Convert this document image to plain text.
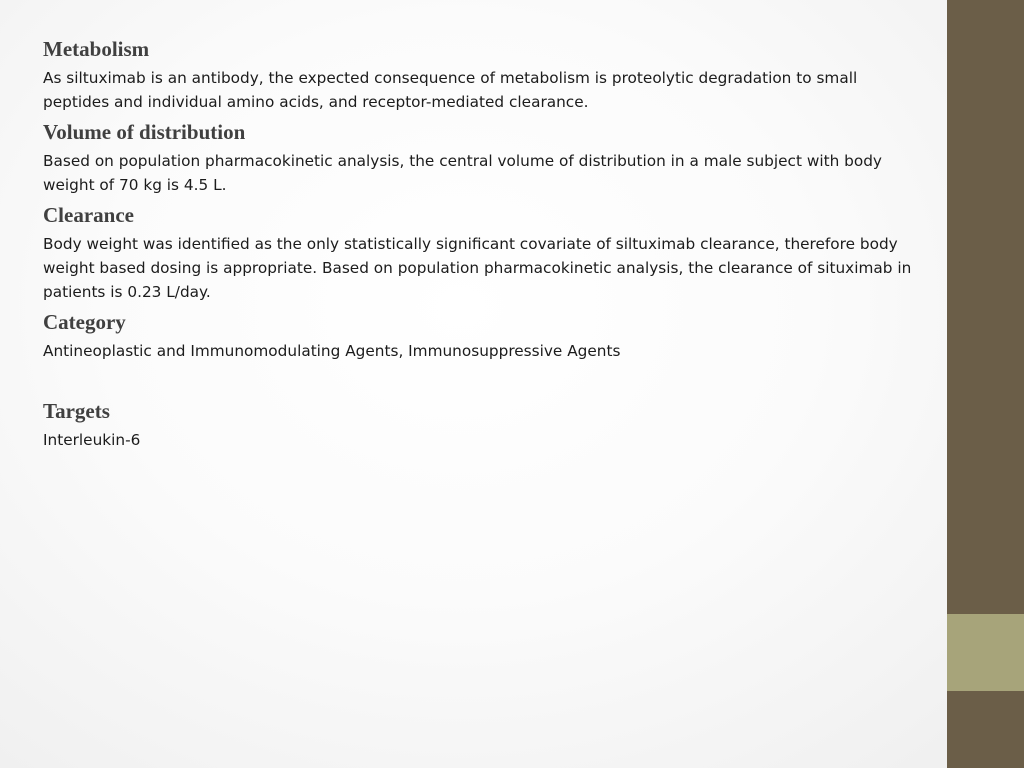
Metabolism
As siltuximab is an antibody, the expected consequence of metabolism is proteolytic degradation to small peptides and individual amino acids, and receptor-mediated clearance.
Volume of distribution
Based on population pharmacokinetic analysis, the central volume of distribution in a male subject with body weight of 70 kg is 4.5 L.
Clearance
Body weight was identified as the only statistically significant covariate of siltuximab clearance, therefore body weight based dosing is appropriate. Based on population pharmacokinetic analysis, the clearance of situximab in patients is 0.23 L/day.
Category
Antineoplastic and Immunomodulating Agents, Immunosuppressive Agents
Targets
Interleukin-6
